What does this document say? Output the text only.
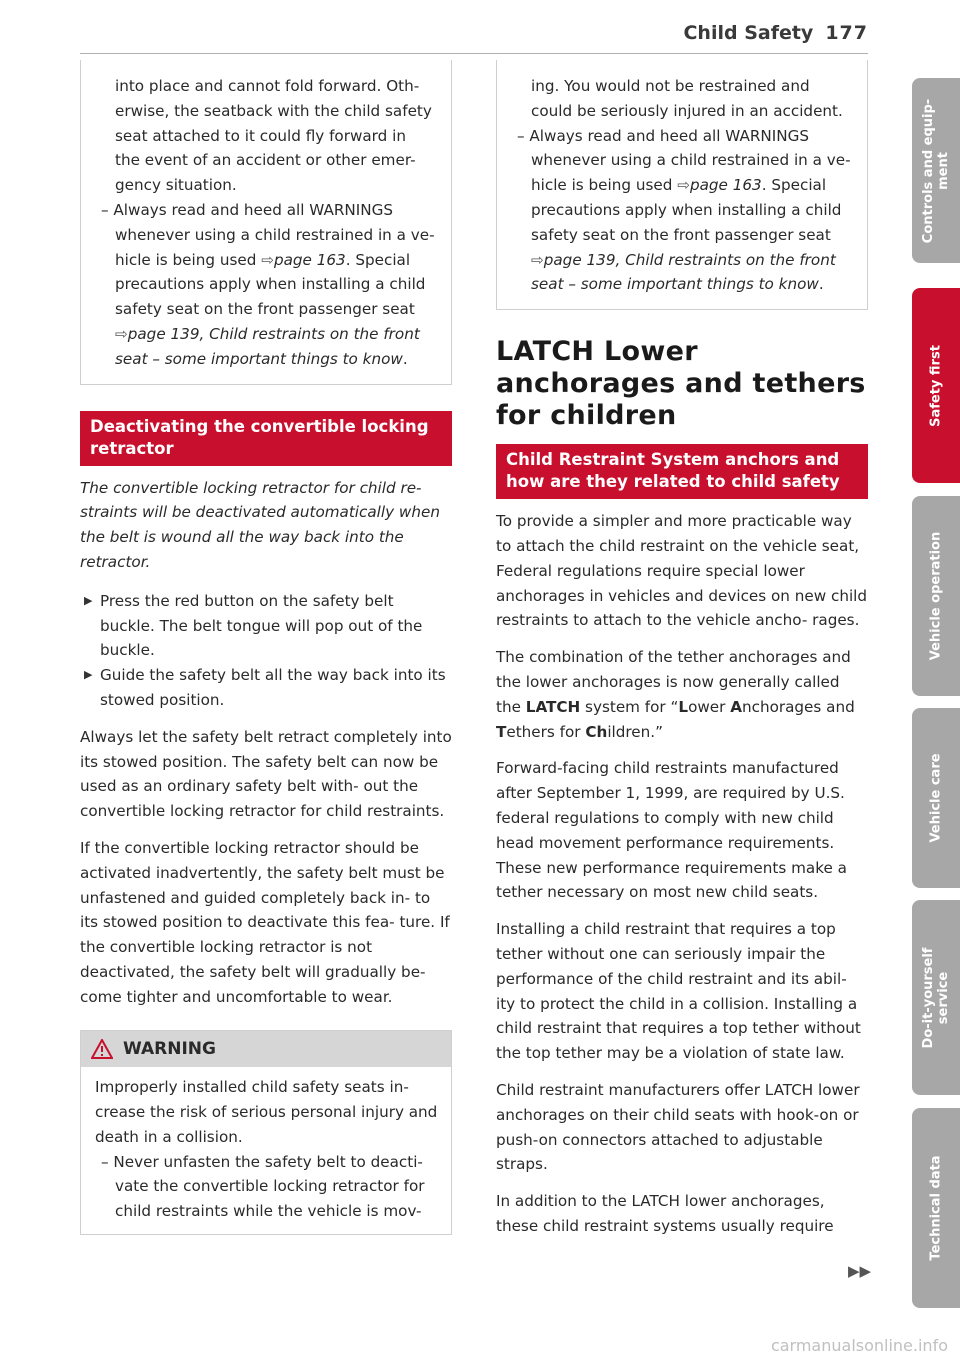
Child Safety 177

into place and cannot fold forward. Oth-

erwise, the seatback with the child safety

seat attached to it could fly forward in

the event of an accident or other emer-

gency situation.

– Always read and heed all WARNINGS whenever using a child restrained in a ve- hicle is being used ⇨page 163. Special precautions apply when installing a child safety seat on the front passenger seat ⇨page 139, Child restraints on the front seat – some important things to know.

Deactivating the convertible locking retractor

The convertible locking retractor for child re- straints will be deactivated automatically when the belt is wound all the way back into the retractor.

▶ Press the red button on the safety belt buckle. The belt tongue will pop out of the buckle.

▶ Guide the safety belt all the way back into its stowed position.

Always let the safety belt retract completely into its stowed position. The safety belt can now be used as an ordinary safety belt with- out the convertible locking retractor for child restraints.

If the convertible locking retractor should be activated inadvertently, the safety belt must be unfastened and guided completely back in- to its stowed position to deactivate this fea- ture. If the convertible locking retractor is not deactivated, the safety belt will gradually be- come tighter and uncomfortable to wear.

WARNING

Improperly installed child safety seats in- crease the risk of serious personal injury and death in a collision.

– Never unfasten the safety belt to deacti- vate the convertible locking retractor for child restraints while the vehicle is mov-

ing. You would not be restrained and could be seriously injured in an accident.

– Always read and heed all WARNINGS whenever using a child restrained in a ve- hicle is being used ⇨page 163. Special precautions apply when installing a child safety seat on the front passenger seat ⇨page 139, Child restraints on the front seat – some important things to know.

LATCH Lower anchorages and tethers for children
Child Restraint System anchors and how are they related to child safety

To provide a simpler and more practicable way to attach the child restraint on the vehicle seat, Federal regulations require special lower anchorages in vehicles and devices on new child restraints to attach to the vehicle ancho- rages.

The combination of the tether anchorages and the lower anchorages is now generally called the LATCH system for “Lower Anchorages and Tethers for Children.”

Forward-facing child restraints manufactured after September 1, 1999, are required by U.S. federal regulations to comply with new child head movement performance requirements. These new performance requirements make a tether necessary on most new child seats.

Installing a child restraint that requires a top tether without one can seriously impair the performance of the child restraint and its abil- ity to protect the child in a collision. Installing a child restraint that requires a top tether without the top tether may be a violation of state law.

Child restraint manufacturers offer LATCH lower anchorages on their child seats with hook-on or push-on connectors attached to adjustable straps.

In addition to the LATCH lower anchorages, these child restraint systems usually require

▶▶
Controls and equip- ment
Safety first
Vehicle operation
Vehicle care
Do-it-yourself service
Technical data
carmanualsonline.info
